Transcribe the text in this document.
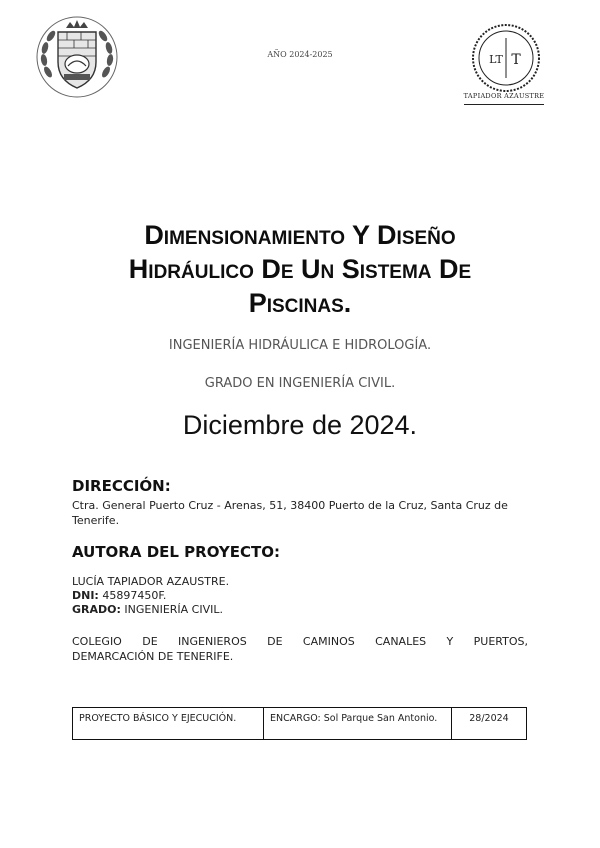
AÑO 2024-2025	LT T
TAPIADOR AZAUSTRE
Dimensionamiento Y Diseño
Hidráulico De Un Sistema De
Piscinas.
INGENIERÍA HIDRÁULICA E HIDROLOGÍA.
GRADO EN INGENIERÍA CIVIL.
Diciembre de 2024.
DIRECCIÓN:
Ctra. General Puerto Cruz - Arenas, 51, 38400 Puerto de la Cruz, Santa Cruz de Tenerife.
AUTORA DEL PROYECTO:
LUCÍA TAPIADOR AZAUSTRE.
DNI: 45897450F.
GRADO: INGENIERÍA CIVIL.
COLEGIO DE INGENIEROS DE CAMINOS CANALES Y PUERTOS,
DEMARCACIÓN DE TENERIFE.
PROYECTO BÁSICO Y EJECUCIÓN.	ENCARGO: Sol Parque San Antonio.	28/2024
